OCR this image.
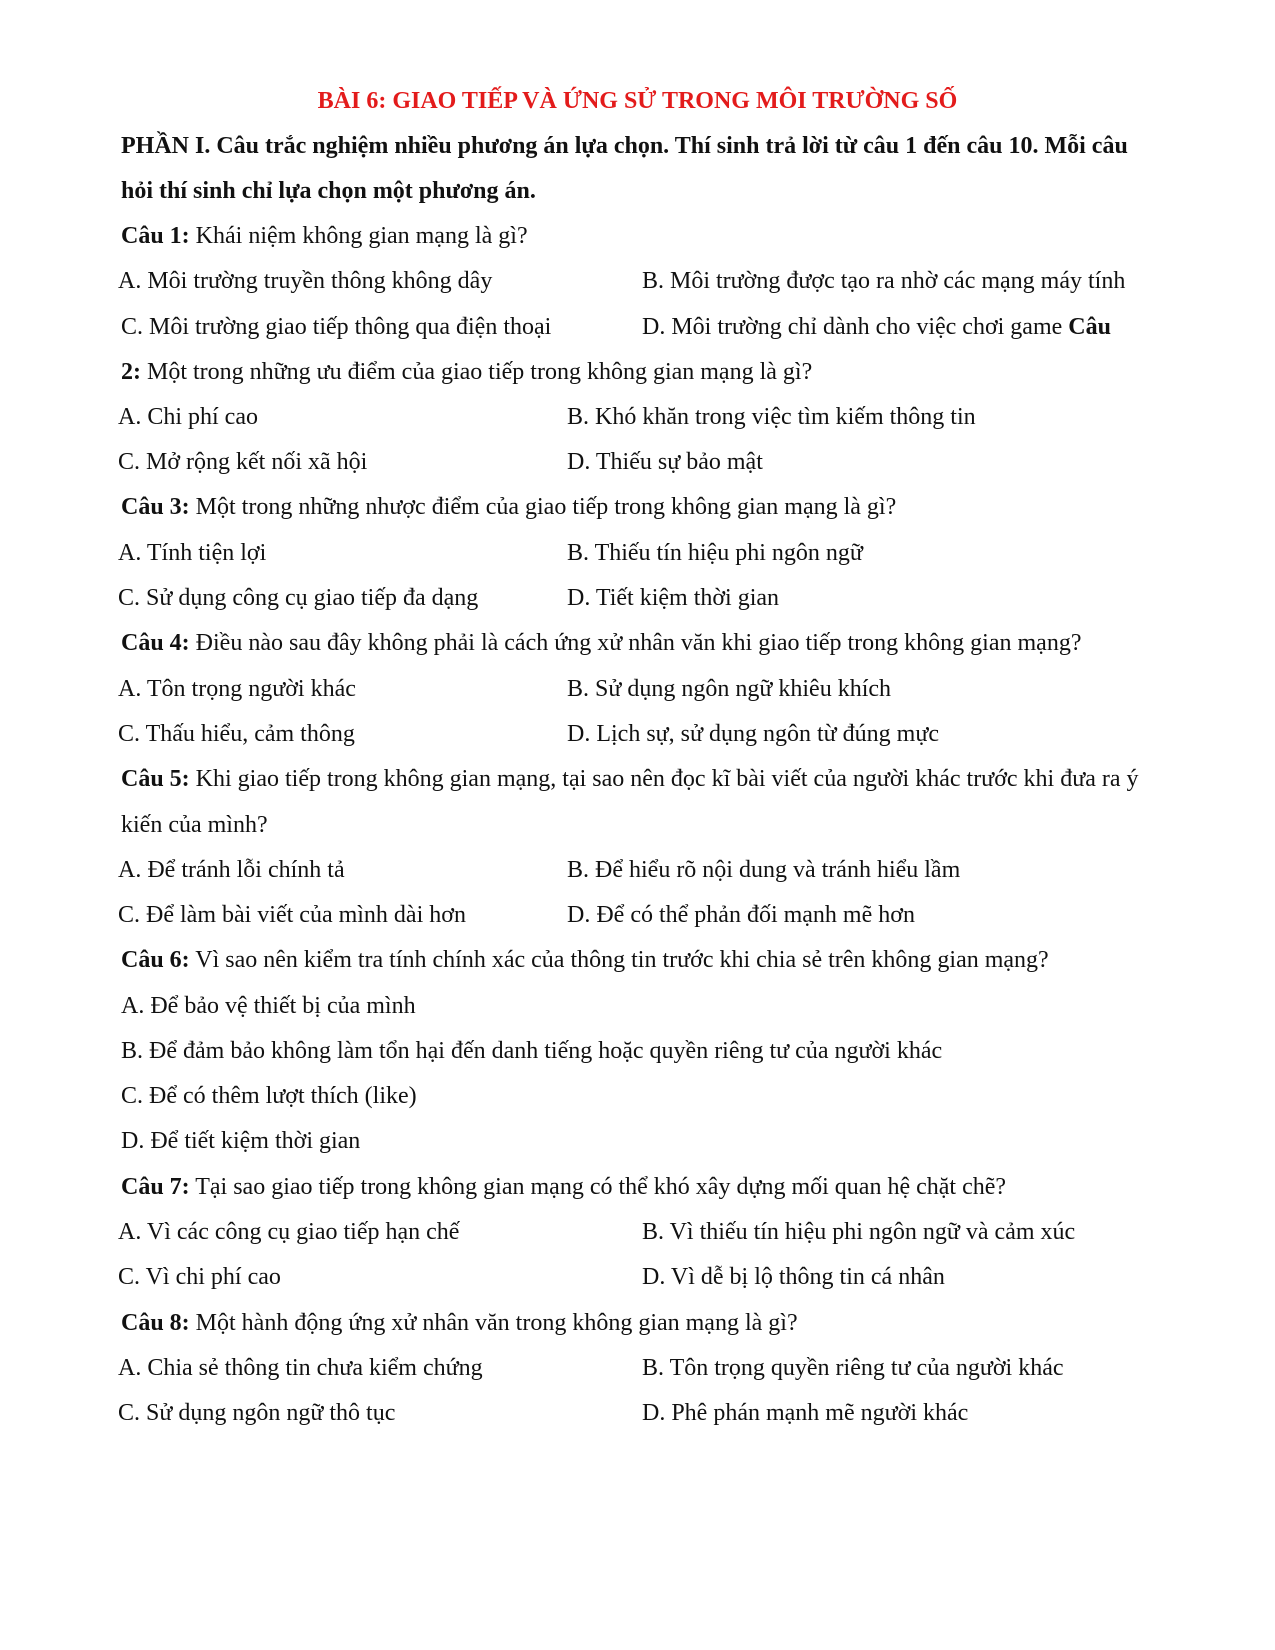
BÀI 6: GIAO TIẾP VÀ ỨNG SỬ TRONG MÔI TRƯỜNG SỐ
PHẦN I. Câu trắc nghiệm nhiều phương án lựa chọn. Thí sinh trả lời từ câu 1 đến câu 10. Mỗi câu
hỏi thí sinh chỉ lựa chọn một phương án.
Câu 1: Khái niệm không gian mạng là gì?
A. Môi trường truyền thông không dây	B. Môi trường được tạo ra nhờ các mạng máy tính
C. Môi trường giao tiếp thông qua điện thoại	D. Môi trường chỉ dành cho việc chơi game Câu
2: Một trong những ưu điểm của giao tiếp trong không gian mạng là gì?
A. Chi phí cao	B. Khó khăn trong việc tìm kiếm thông tin
C. Mở rộng kết nối xã hội	D. Thiếu sự bảo mật
Câu 3: Một trong những nhược điểm của giao tiếp trong không gian mạng là gì?
A. Tính tiện lợi	B. Thiếu tín hiệu phi ngôn ngữ
C. Sử dụng công cụ giao tiếp đa dạng	D. Tiết kiệm thời gian
Câu 4: Điều nào sau đây không phải là cách ứng xử nhân văn khi giao tiếp trong không gian mạng?
A. Tôn trọng người khác	B. Sử dụng ngôn ngữ khiêu khích
C. Thấu hiểu, cảm thông	D. Lịch sự, sử dụng ngôn từ đúng mực
Câu 5: Khi giao tiếp trong không gian mạng, tại sao nên đọc kĩ bài viết của người khác trước khi đưa ra ý
kiến của mình?
A. Để tránh lỗi chính tả	B. Để hiểu rõ nội dung và tránh hiểu lầm
C. Để làm bài viết của mình dài hơn	D. Để có thể phản đối mạnh mẽ hơn
Câu 6: Vì sao nên kiểm tra tính chính xác của thông tin trước khi chia sẻ trên không gian mạng?
A. Để bảo vệ thiết bị của mình
B. Để đảm bảo không làm tổn hại đến danh tiếng hoặc quyền riêng tư của người khác
C. Để có thêm lượt thích (like)
D. Để tiết kiệm thời gian
Câu 7: Tại sao giao tiếp trong không gian mạng có thể khó xây dựng mối quan hệ chặt chẽ?
A. Vì các công cụ giao tiếp hạn chế	B. Vì thiếu tín hiệu phi ngôn ngữ và cảm xúc
C. Vì chi phí cao	D. Vì dễ bị lộ thông tin cá nhân
Câu 8: Một hành động ứng xử nhân văn trong không gian mạng là gì?
A. Chia sẻ thông tin chưa kiểm chứng	B. Tôn trọng quyền riêng tư của người khác
C. Sử dụng ngôn ngữ thô tục	D. Phê phán mạnh mẽ người khác
